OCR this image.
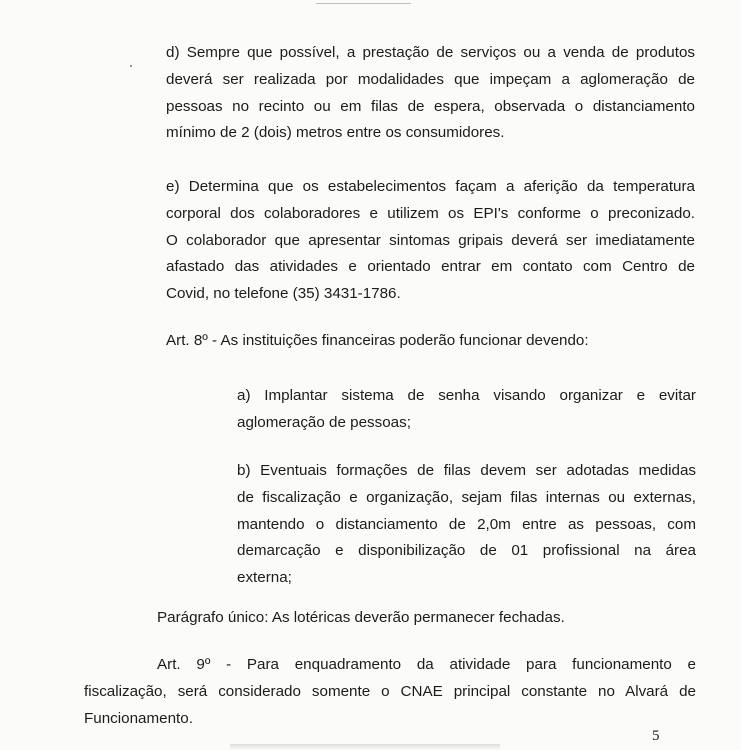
d) Sempre que possível, a prestação de serviços ou a venda de produtos
deverá ser realizada por modalidades que impeçam a aglomeração de
pessoas no recinto ou em filas de espera, observada o distanciamento
mínimo de 2 (dois) metros entre os consumidores.
e) Determina que os estabelecimentos façam a aferição da temperatura
corporal dos colaboradores e utilizem os EPI's conforme o preconizado.
O colaborador que apresentar sintomas gripais deverá ser imediatamente
afastado das atividades e orientado entrar em contato com Centro de
Covid, no telefone (35) 3431-1786.
Art. 8º - As instituições financeiras poderão funcionar devendo:
a) Implantar sistema de senha visando organizar e evitar
aglomeração de pessoas;
b) Eventuais formações de filas devem ser adotadas medidas
de fiscalização e organização, sejam filas internas ou externas,
mantendo o distanciamento de 2,0m entre as pessoas, com
demarcação e disponibilização de 01 profissional na área
externa;
Parágrafo único: As lotéricas deverão permanecer fechadas.
Art. 9º - Para enquadramento da atividade para funcionamento e
fiscalização, será considerado somente o CNAE principal constante no Alvará de
Funcionamento.
5
